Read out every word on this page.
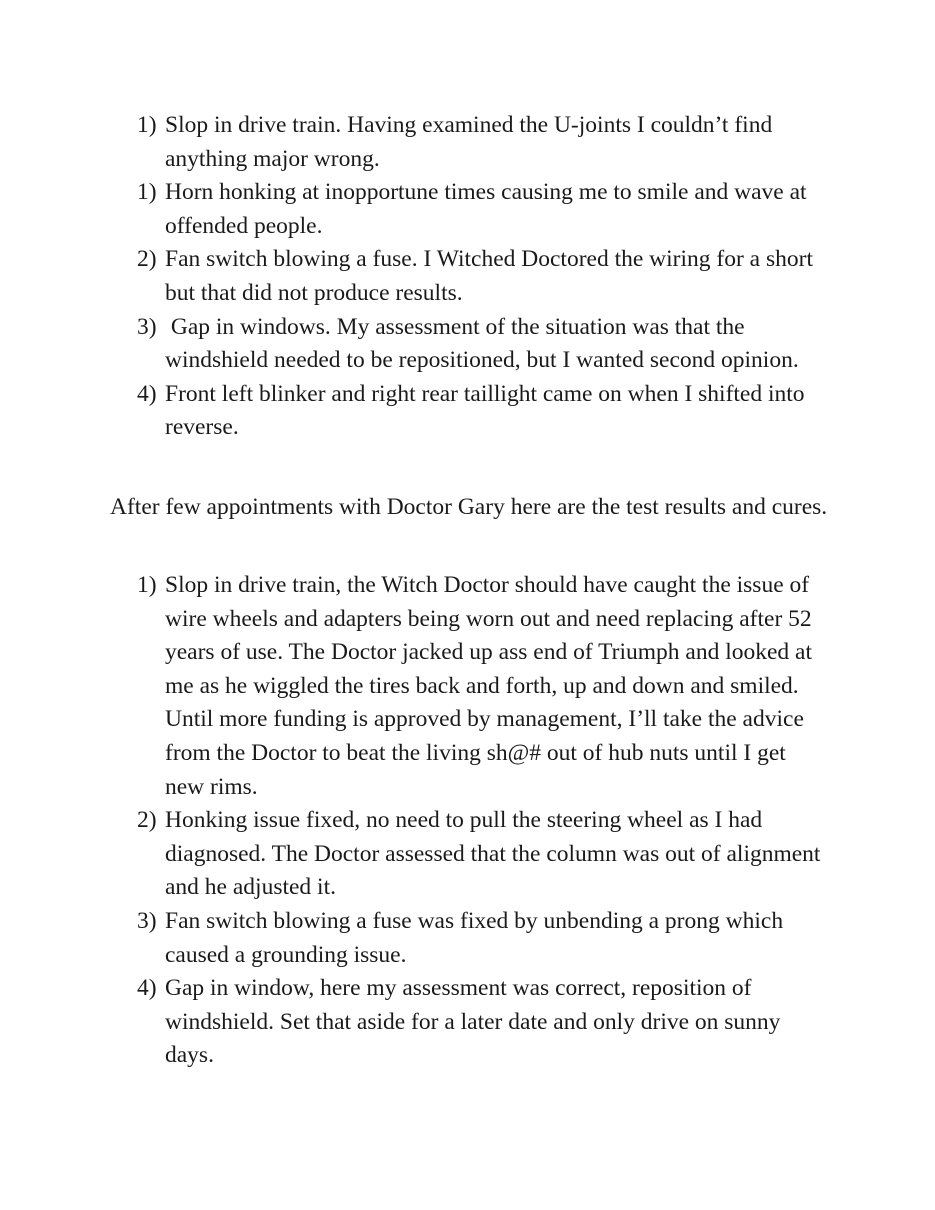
1) Slop in drive train. Having examined the U-joints I couldn’t find anything major wrong.
1) Horn honking at inopportune times causing me to smile and wave at offended people.
2) Fan switch blowing a fuse. I Witched Doctored the wiring for a short but that did not produce results.
3) Gap in windows. My assessment of the situation was that the windshield needed to be repositioned, but I wanted second opinion.
4) Front left blinker and right rear taillight came on when I shifted into reverse.

After few appointments with Doctor Gary here are the test results and cures.

1) Slop in drive train, the Witch Doctor should have caught the issue of wire wheels and adapters being worn out and need replacing after 52 years of use. The Doctor jacked up ass end of Triumph and looked at me as he wiggled the tires back and forth, up and down and smiled.  Until more funding is approved by management, I’ll take the advice from the Doctor to beat the living sh@# out of hub nuts until I get new rims.
2) Honking issue fixed, no need to pull the steering wheel as I had diagnosed. The Doctor assessed that the column was out of alignment and he adjusted it.
3) Fan switch blowing a fuse was fixed by unbending a prong which caused a grounding issue.
4) Gap in window, here my assessment was correct, reposition of windshield. Set that aside for a later date and only drive on sunny days.
